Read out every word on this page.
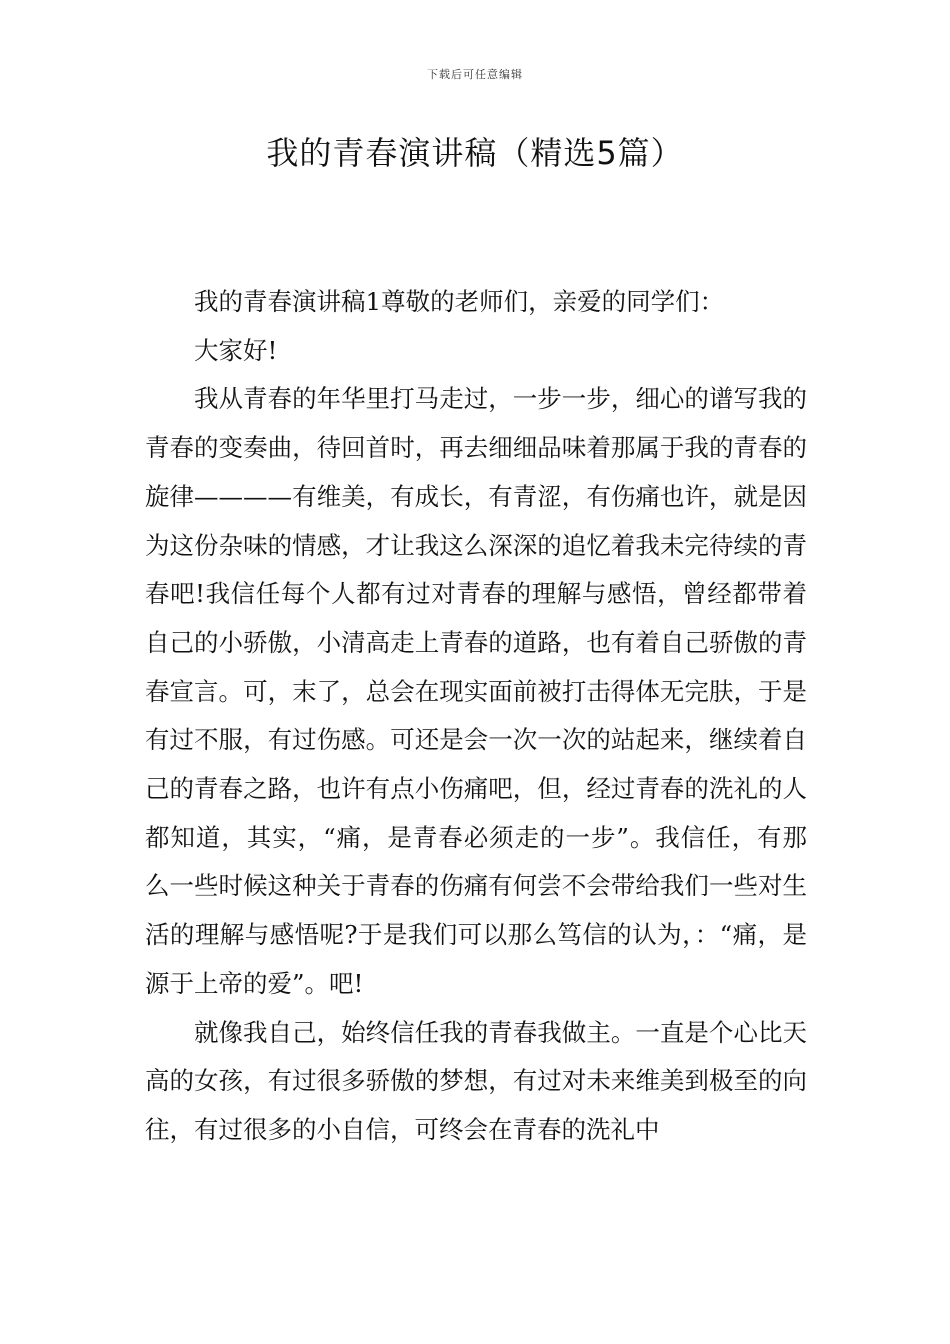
下载后可任意编辑
我的青春演讲稿（精选5篇）

我的青春演讲稿1尊敬的老师们，亲爱的同学们：

大家好!

我从青春的年华里打马走过，一步一步，细心的谱写我的青春的变奏曲，待回首时，再去细细品味着那属于我的青春的旋律————有维美，有成长，有青涩，有伤痛也许，就是因为这份杂味的情感，才让我这么深深的追忆着我未完待续的青春吧!我信任每个人都有过对青春的理解与感悟，曾经都带着自己的小骄傲，小清高走上青春的道路，也有着自己骄傲的青春宣言。可，末了，总会在现实面前被打击得体无完肤，于是有过不服，有过伤感。可还是会一次一次的站起来，继续着自己的青春之路，也许有点小伤痛吧，但，经过青春的洗礼的人都知道，其实，“痛，是青春必须走的一步”。我信任，有那么一些时候这种关于青春的伤痛有何尝不会带给我们一些对生活的理解与感悟呢?于是我们可以那么笃信的认为，：“痛，是源于上帝的爱”。吧!

就像我自己，始终信任我的青春我做主。一直是个心比天高的女孩，有过很多骄傲的梦想，有过对未来维美到极至的向往，有过很多的小自信，可终会在青春的洗礼中
